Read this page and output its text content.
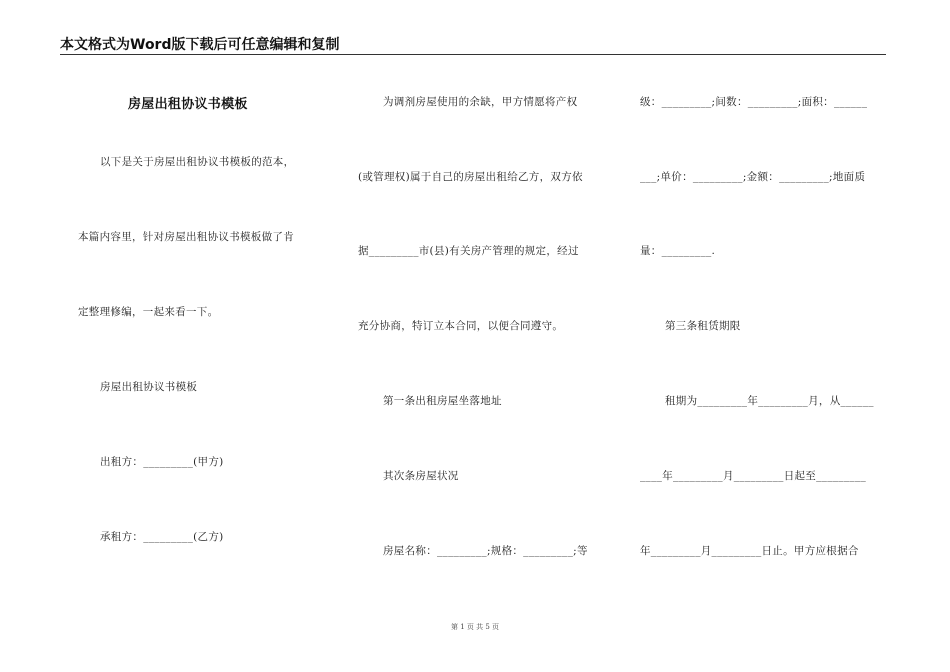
本文格式为Word版下载后可任意编辑和复制
房屋出租协议书模板
以下是关于房屋出租协议书模板的范本，
本篇内容里，针对房屋出租协议书模板做了肯
定整理修编，一起来看一下。
房屋出租协议书模板
出租方：_________(甲方)
承租方：_________(乙方)
为调剂房屋使用的余缺，甲方情愿将产权
(或管理权)属于自己的房屋出租给乙方，双方依
据_________市(县)有关房产管理的规定，经过
充分协商，特订立本合同，以便合同遵守。
第一条出租房屋坐落地址
其次条房屋状况
房屋名称：_________;规格：_________;等
级：_________;间数：_________;面积：______
___;单价：_________;金额：_________;地面质
量：_________.
第三条租赁期限
租期为_________年_________月，从______
____年_________月_________日起至_________
年_________月_________日止。甲方应根据合
第 1 页 共 5 页
